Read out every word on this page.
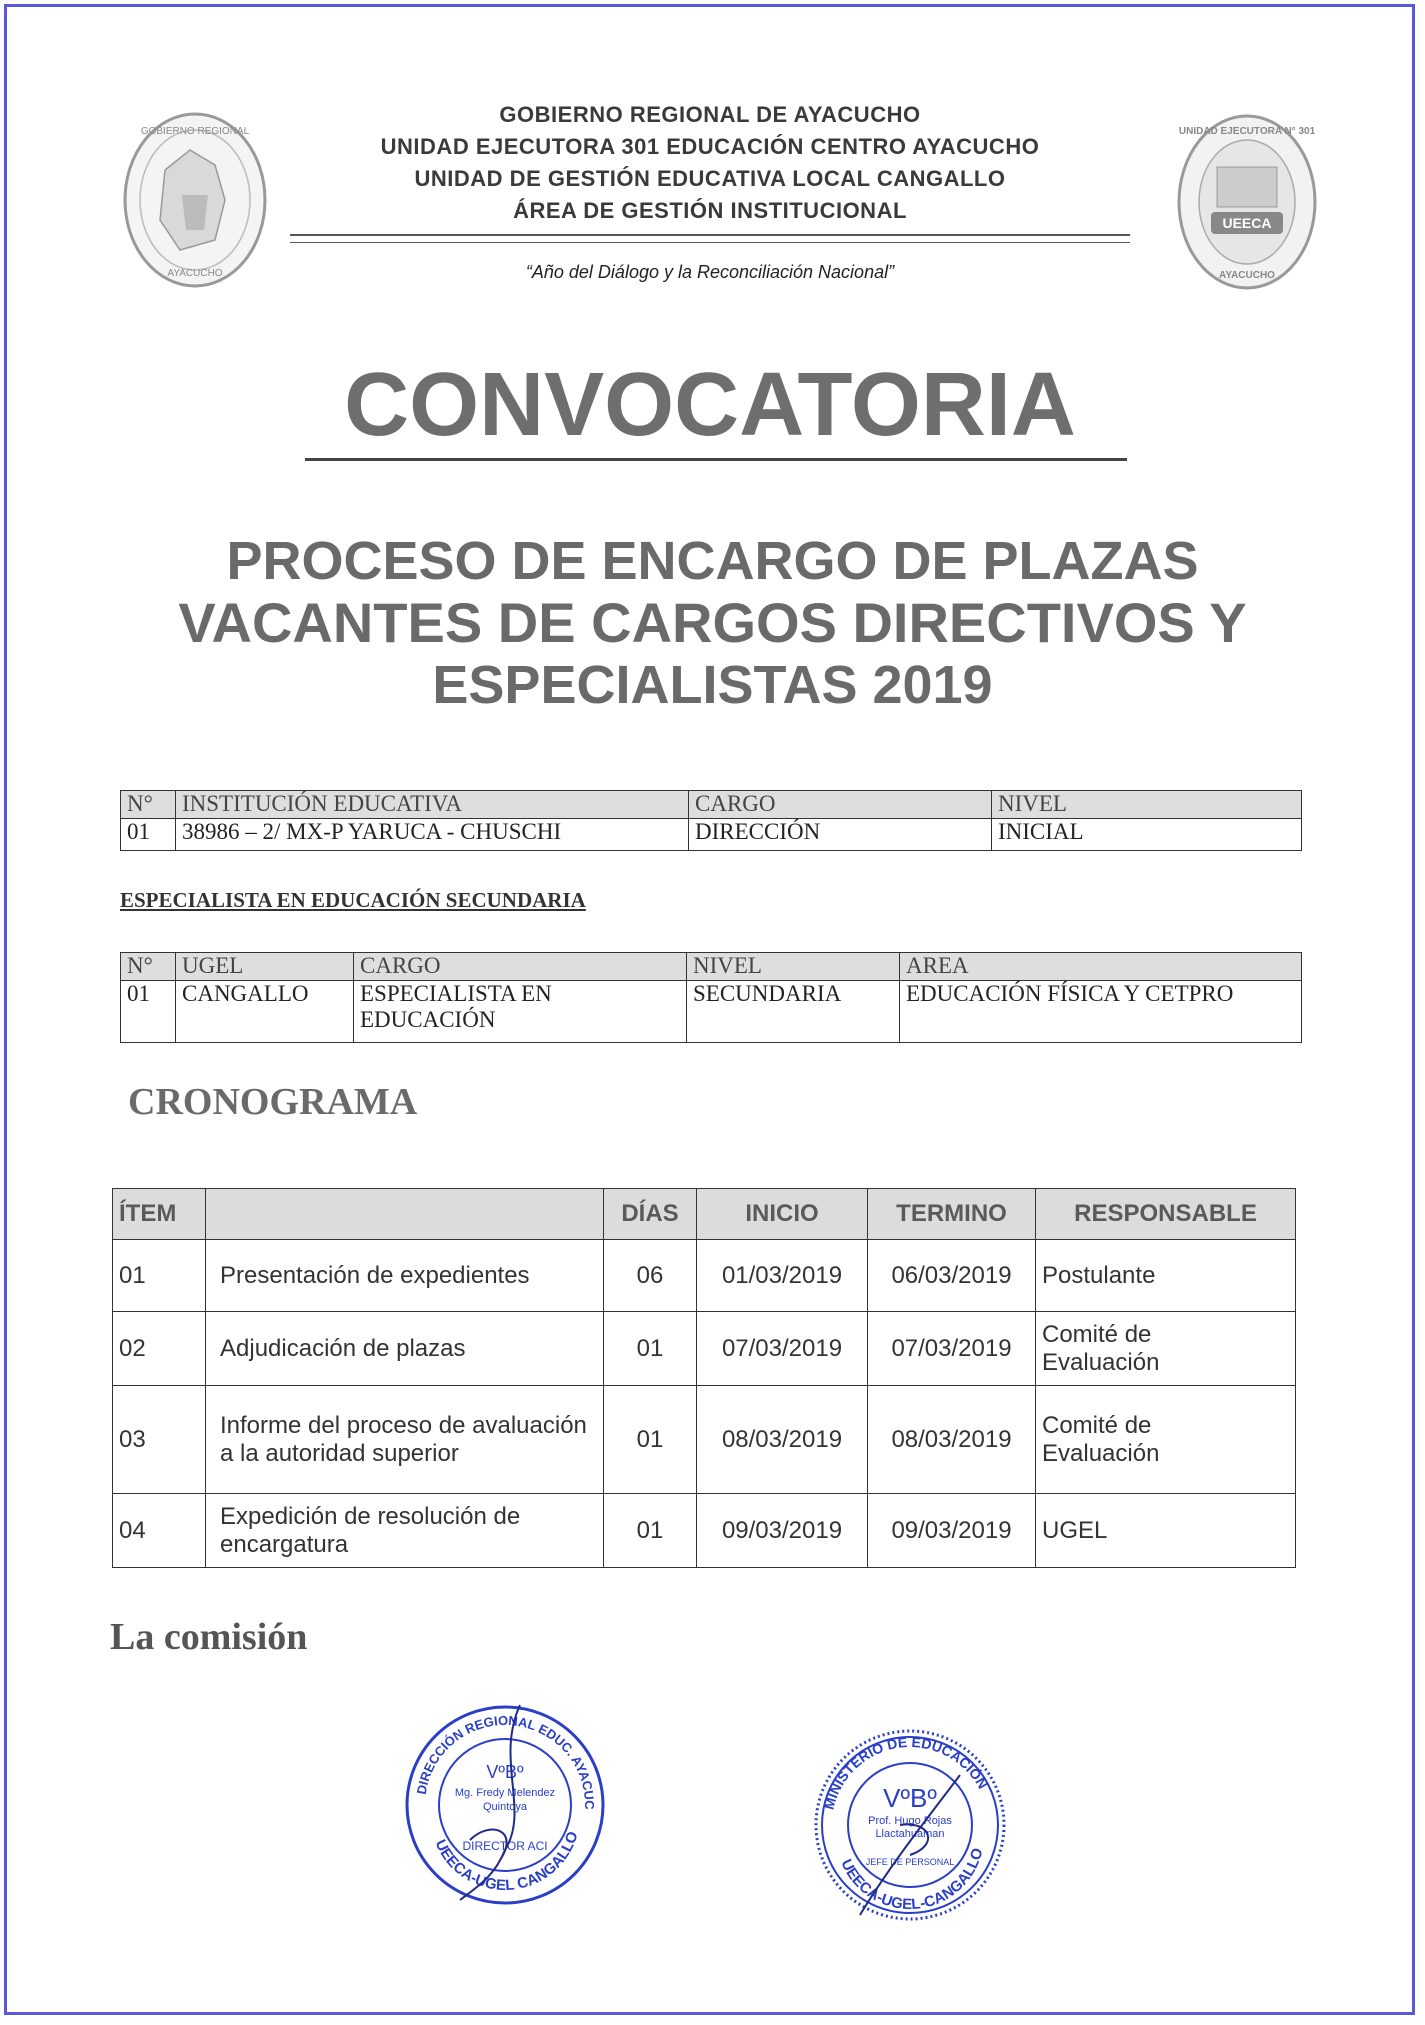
GOBIERNO REGIONAL
AYACUCHO
UEECA
UNIDAD EJECUTORA N° 301
AYACUCHO
GOBIERNO REGIONAL DE AYACUCHO
UNIDAD EJECUTORA 301 EDUCACIÓN CENTRO AYACUCHO
UNIDAD DE GESTIÓN EDUCATIVA LOCAL CANGALLO
ÁREA DE GESTIÓN INSTITUCIONAL
“Año del Diálogo y la Reconciliación Nacional”
CONVOCATORIA
PROCESO DE ENCARGO DE PLAZAS
VACANTES DE CARGOS DIRECTIVOS Y
ESPECIALISTAS 2019
N°	INSTITUCIÓN EDUCATIVA	CARGO	NIVEL
01	38986 – 2/ MX-P YARUCA - CHUSCHI	DIRECCIÓN	INICIAL
ESPECIALISTA EN EDUCACIÓN SECUNDARIA
N°	UGEL	CARGO	NIVEL	AREA
01	CANGALLO	ESPECIALISTA EN EDUCACIÓN	SECUNDARIA	EDUCACIÓN FÍSICA Y CETPRO
CRONOGRAMA
ÍTEM		DÍAS	INICIO	TERMINO	RESPONSABLE
01	Presentación de expedientes	06	01/03/2019	06/03/2019	Postulante
02	Adjudicación de plazas	01	07/03/2019	07/03/2019	Comité de Evaluación
03	Informe del proceso de avaluación a la autoridad superior	01	08/03/2019	08/03/2019	Comité de Evaluación
04	Expedición de resolución de encargatura	01	09/03/2019	09/03/2019	UGEL
La comisión
DIRECCIÓN REGIONAL EDUC. AYACUC
UEECA-UGEL CANGALLO
VºBº
Mg. Fredy Melendez Quintoya
DIRECTOR ACI
MINISTERIO DE EDUCACIÓN
UEECA-UGEL-CANGALLO
VºBº
Prof. Hugo Rojas Llactahuaman
JEFE DE PERSONAL
